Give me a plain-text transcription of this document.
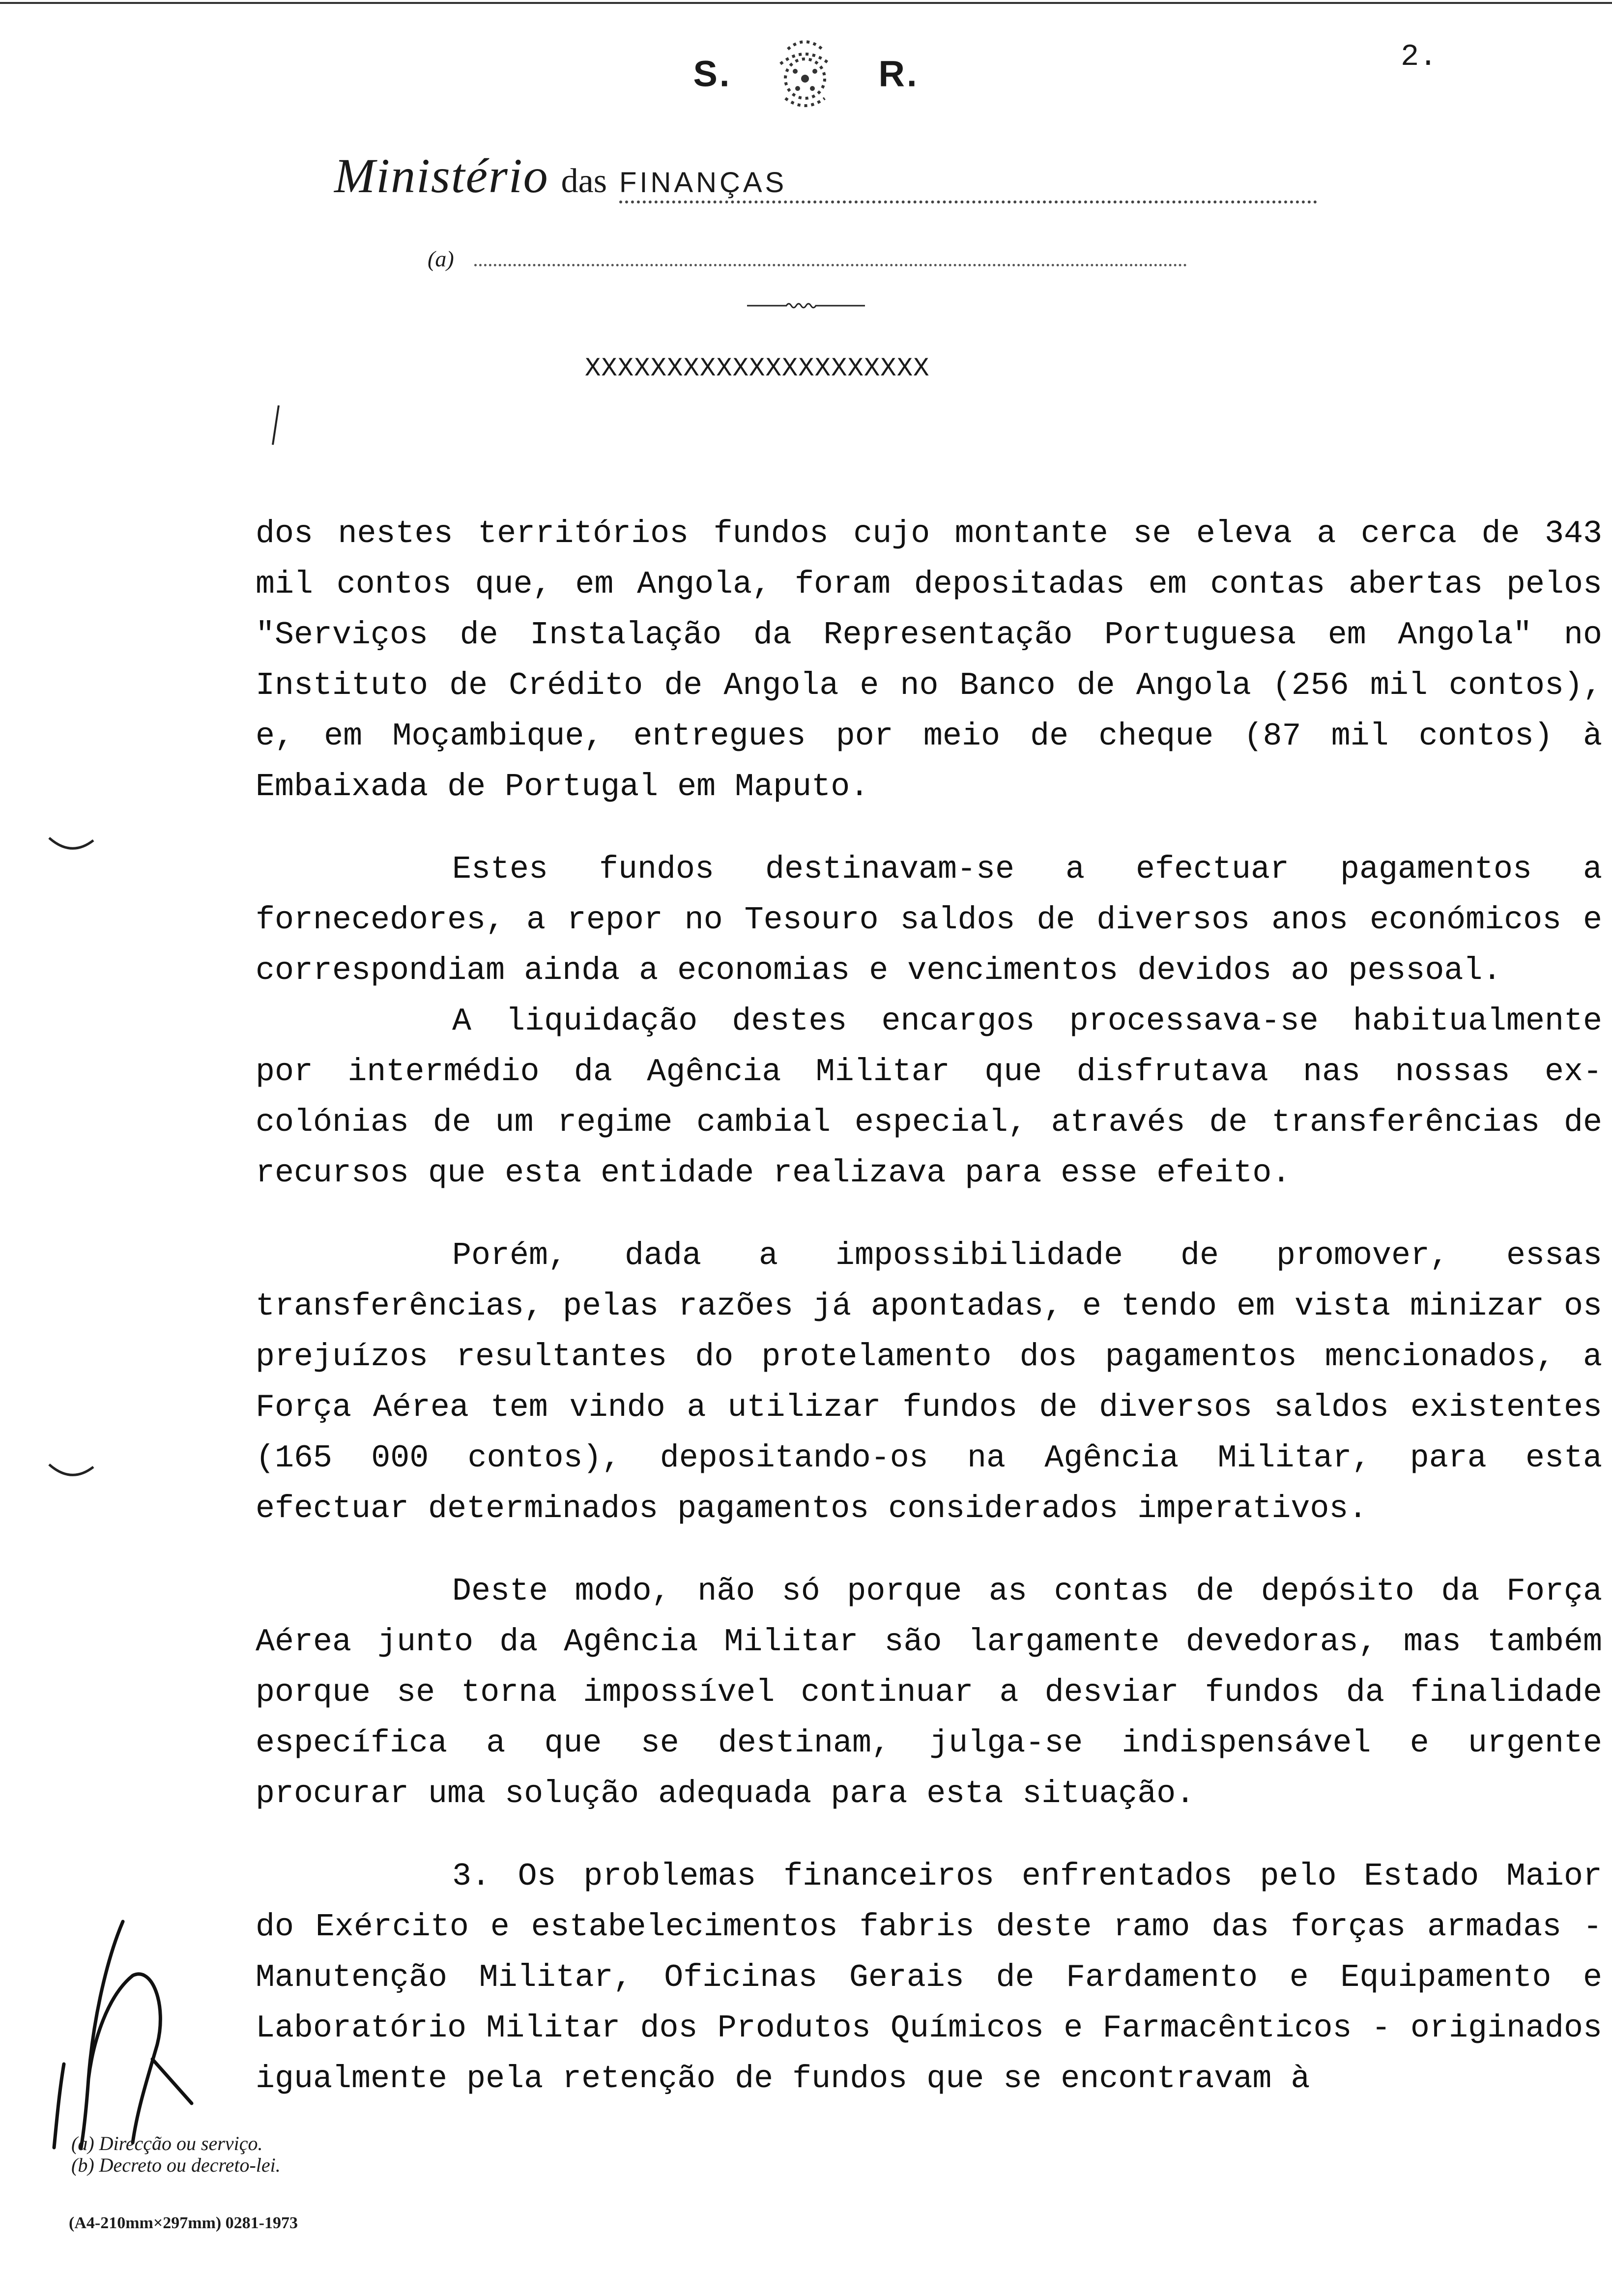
S.	R.	2.
Ministério das FINANÇAS
(a)
XXXXXXXXXXXXXXXXXXXXX

dos nestes territórios fundos cujo montante se eleva a cerca de 343 mil contos que, em Angola, foram depositadas em contas abertas pelos "Serviços de Instalação da Representação Portuguesa em Angola" no Instituto de Crédito de Angola e no Banco de Angola (256 mil contos), e, em Moçambique, entregues por meio de cheque (87 mil contos) à Embaixada de Portugal em Maputo.

Estes fundos destinavam-se a efectuar pagamentos a fornecedores, a repor no Tesouro saldos de diversos anos económicos e correspondiam ainda a economias e vencimentos devidos ao pessoal.

A liquidação destes encargos processava-se habitualmente por intermédio da Agência Militar que disfrutava nas nossas ex-colónias de um regime cambial especial, através de transferências de recursos que esta entidade realizava para esse efeito.

Porém, dada a impossibilidade de promover, essas transferências, pelas razões já apontadas, e tendo em vista minizar os prejuízos resultantes do protelamento dos pagamentos mencionados, a Força Aérea tem vindo a utilizar fundos de diversos saldos existentes (165 000 contos), depositando-os na Agência Militar, para esta efectuar determinados pagamentos considerados imperativos.

Deste modo, não só porque as contas de depósito da Força Aérea junto da Agência Militar são largamente devedoras, mas também porque se torna impossível continuar a desviar fundos da finalidade específica a que se destinam, julga-se indispensável e urgente procurar uma solução adequada para esta situação.

3. Os problemas financeiros enfrentados pelo Estado Maior do Exército e estabelecimentos fabris deste ramo das forças armadas - Manutenção Militar, Oficinas Gerais de Fardamento e Equipamento e Laboratório Militar dos Produtos Químicos e Farmacênticos - originados igualmente pela retenção de fundos que se encontravam à

(a) Direcção ou serviço.
(b) Decreto ou decreto-lei.
(A4-210mm×297mm) 0281-1973
